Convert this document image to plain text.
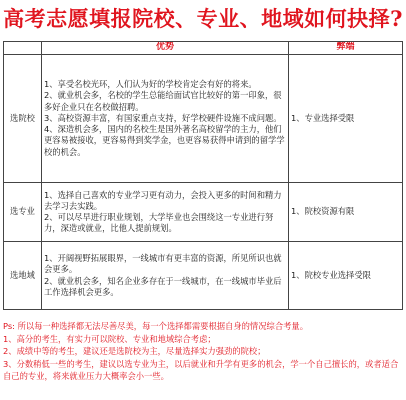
高考志愿填报院校、专业、地域如何抉择?
	优势	弊端
选院校	1、享受名校光环，人们认为好的学校肯定会有好的将来。
2、就业机会多，名校的学生总能给面试官比较好的第一印象，很多好企业只在名校做招聘。
3、高校资源丰富，有国家重点支持，好学校硬件设施不成问题。
4、深造机会多，国内的名校生是国外著名高校留学的主力，他们更容易被接收，更容易得到奖学金，也更容易获得申请到的留学学校的机会。	1、专业选择受限
选专业	1、选择自己喜欢的专业学习更有动力，会投入更多的时间和精力去学习去实践。
2、可以尽早进行职业规划，大学毕业也会围绕这一专业进行努力，深造或就业，比他人提前规划。	1、院校资源有限
选地域	1、开阔视野拓展眼界，一线城市有更丰富的资源，所见所识也就会更多。
2、就业机会多，知名企业多存在于一线城市，在一线城市毕业后工作选择机会更多。	1、院校专业选择受限
Ps: 所以每一种选择都无法尽善尽美，每一个选择都需要根据自身的情况综合考量。
1、高分的考生，有实力可以院校、专业和地域综合考虑；
2、成绩中等的考生，建议还是选院校为主，尽量选择实力强劲的院校；
3、分数稍低一些的考生，建议以选专业为主，以后就业和升学有更多的机会，学一个自己擅长的，或者适合自己的专业，将来就业压力大概率会小一些。
